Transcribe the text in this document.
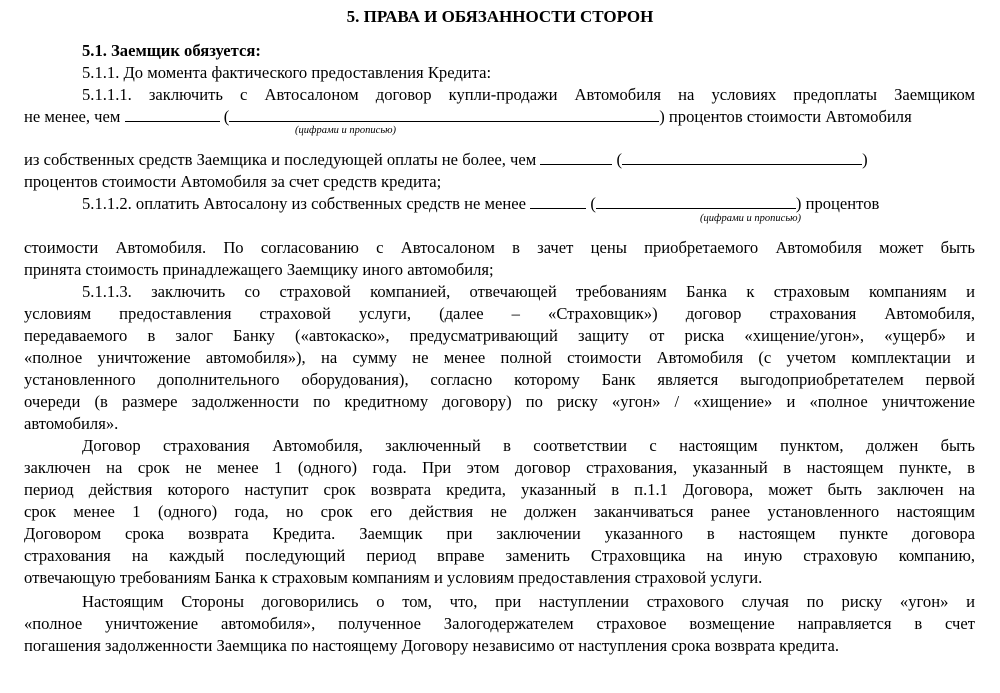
5. ПРАВА И ОБЯЗАННОСТИ СТОРОН
5.1. Заемщик обязуется:
5.1.1. До момента фактического предоставления Кредита:
5.1.1.1. заключить с Автосалоном договор купли-продажи Автомобиля на условиях предоплаты Заемщиком
не менее, чем	(	) процентов стоимости Автомобиля
(цифрами и прописью)
из собственных средств Заемщика и последующей оплаты не более, чем	(	)
процентов стоимости Автомобиля за счет средств кредита;
5.1.1.2. оплатить Автосалону из собственных средств не менее	(	) процентов
(цифрами и прописью)
стоимости Автомобиля. По согласованию с Автосалоном в зачет цены приобретаемого Автомобиля может быть
принята стоимость принадлежащего Заемщику иного автомобиля;
5.1.1.3. заключить со страховой компанией, отвечающей требованиям Банка к страховым компаниям и
условиям предоставления страховой услуги, (далее – «Страховщик») договор страхования Автомобиля,
передаваемого в залог Банку («автокаско», предусматривающий защиту от риска «хищение/угон», «ущерб» и
«полное уничтожение автомобиля»), на сумму не менее полной стоимости Автомобиля (с учетом комплектации и
установленного дополнительного оборудования), согласно которому Банк является выгодоприобретателем первой
очереди (в размере задолженности по кредитному договору) по риску «угон» / «хищение» и «полное уничтожение
автомобиля».
Договор страхования Автомобиля, заключенный в соответствии с настоящим пунктом, должен быть
заключен на срок не менее 1 (одного) года. При этом договор страхования, указанный в настоящем пункте, в
период действия которого наступит срок возврата кредита, указанный в п.1.1 Договора, может быть заключен на
срок менее 1 (одного) года, но срок его действия не должен заканчиваться ранее установленного настоящим
Договором срока возврата Кредита. Заемщик при заключении указанного в настоящем пункте договора
страхования на каждый последующий период вправе заменить Страховщика на иную страховую компанию,
отвечающую требованиям Банка к страховым компаниям и условиям предоставления страховой услуги.
Настоящим Стороны договорились о том, что, при наступлении страхового случая по риску «угон» и
«полное уничтожение автомобиля», полученное Залогодержателем страховое возмещение направляется в счет
погашения задолженности Заемщика по настоящему Договору независимо от наступления срока возврата кредита.
